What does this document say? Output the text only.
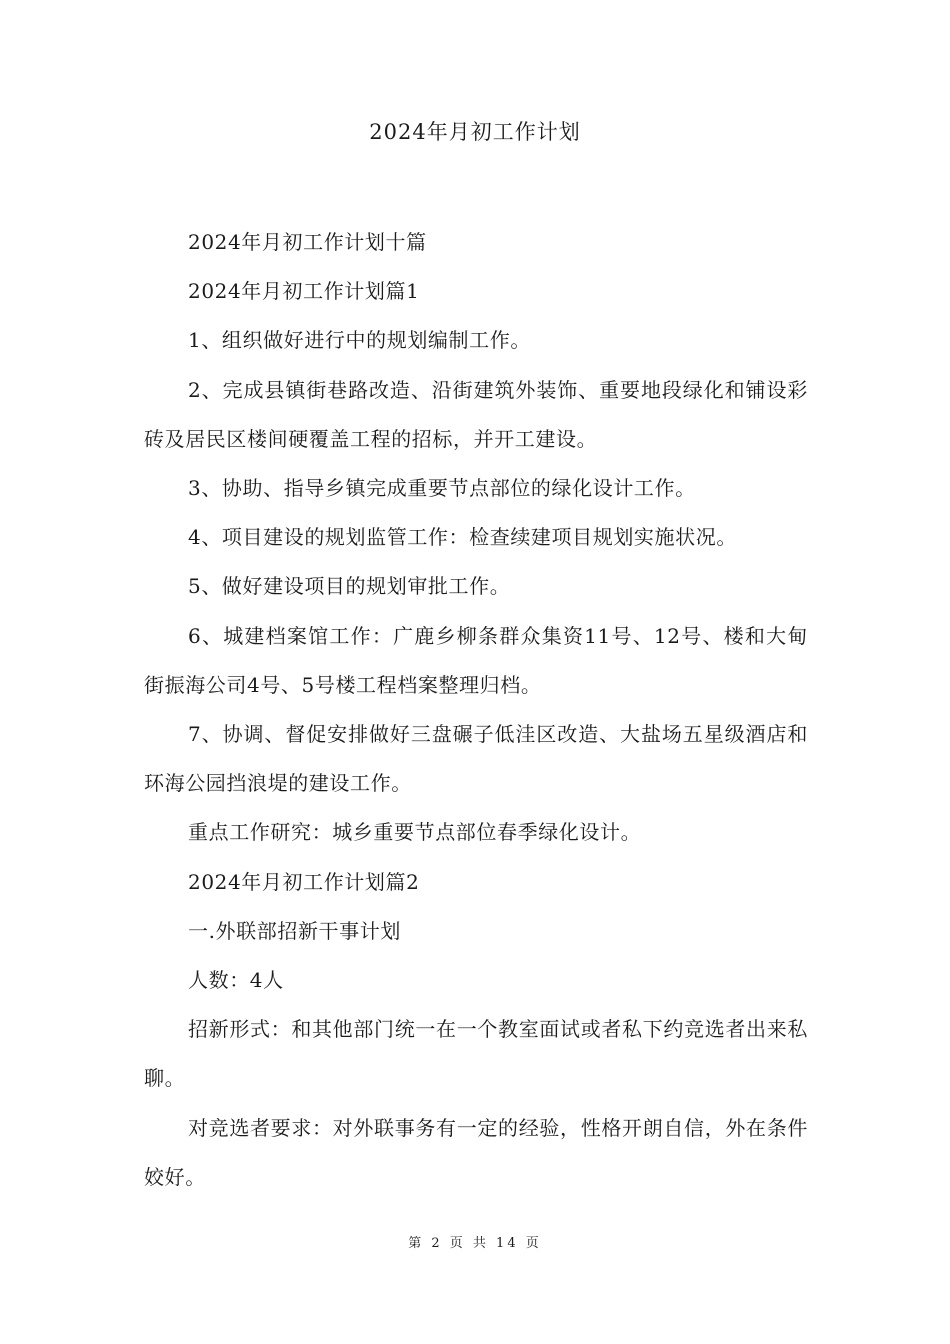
2024年月初工作计划

2024年月初工作计划十篇

2024年月初工作计划篇1

1、组织做好进行中的规划编制工作。

2、完成县镇街巷路改造、沿街建筑外装饰、重要地段绿化和铺设彩砖及居民区楼间硬覆盖工程的招标，并开工建设。

3、协助、指导乡镇完成重要节点部位的绿化设计工作。

4、项目建设的规划监管工作：检查续建项目规划实施状况。

5、做好建设项目的规划审批工作。

6、城建档案馆工作：广鹿乡柳条群众集资11号、12号、楼和大甸街振海公司4号、5号楼工程档案整理归档。

7、协调、督促安排做好三盘碾子低洼区改造、大盐场五星级酒店和环海公园挡浪堤的建设工作。

重点工作研究：城乡重要节点部位春季绿化设计。

2024年月初工作计划篇2

一.外联部招新干事计划

人数：4人

招新形式：和其他部门统一在一个教室面试或者私下约竞选者出来私聊。

对竞选者要求：对外联事务有一定的经验，性格开朗自信，外在条件姣好。

第 2 页 共 14 页
